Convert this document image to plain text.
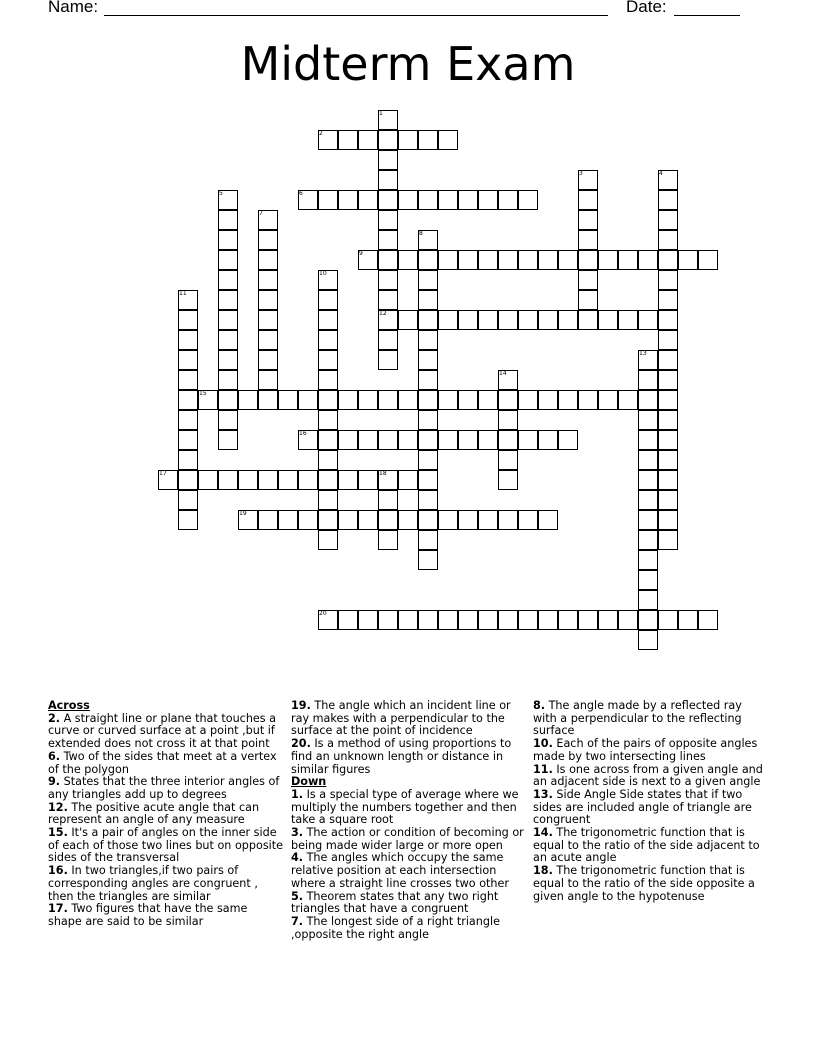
Name:	Date:
Midterm Exam
1
2
3	4
5	6
7
8
9
10
11
12
13
14
15
16
17	18
19
20

Across

2. A straight line or plane that touches a curve or curved surface at a point ,but if extended does not cross it at that point

6. Two of the sides that meet at a vertex of the polygon

9. States that the three interior angles of any triangles add up to degrees

12. The positive acute angle that can represent an angle of any measure

15. It's a pair of angles on the inner side of each of those two lines but on opposite sides of the transversal

16. In two triangles,if two pairs of corresponding angles are congruent , then the triangles are similar

17. Two figures that have the same shape are said to be similar

19. The angle which an incident line or ray makes with a perpendicular to the surface at the point of incidence

20. Is a method of using proportions to find an unknown length or distance in similar figures

Down

1. Is a special type of average where we multiply the numbers together and then take a square root

3. The action or condition of becoming or being made wider large or more open

4. The angles which occupy the same relative position at each intersection where a straight line crosses two other

5. Theorem states that any two right triangles that have a congruent

7. The longest side of a right triangle ,opposite the right angle

8. The angle made by a reflected ray with a perpendicular to the reflecting surface

10. Each of the pairs of opposite angles made by two intersecting lines

11. Is one across from a given angle and an adjacent side is next to a given angle

13. Side Angle Side states that if two sides are included angle of triangle are congruent

14. The trigonometric function that is equal to the ratio of the side adjacent to an acute angle

18. The trigonometric function that is equal to the ratio of the side opposite a given angle to the hypotenuse
